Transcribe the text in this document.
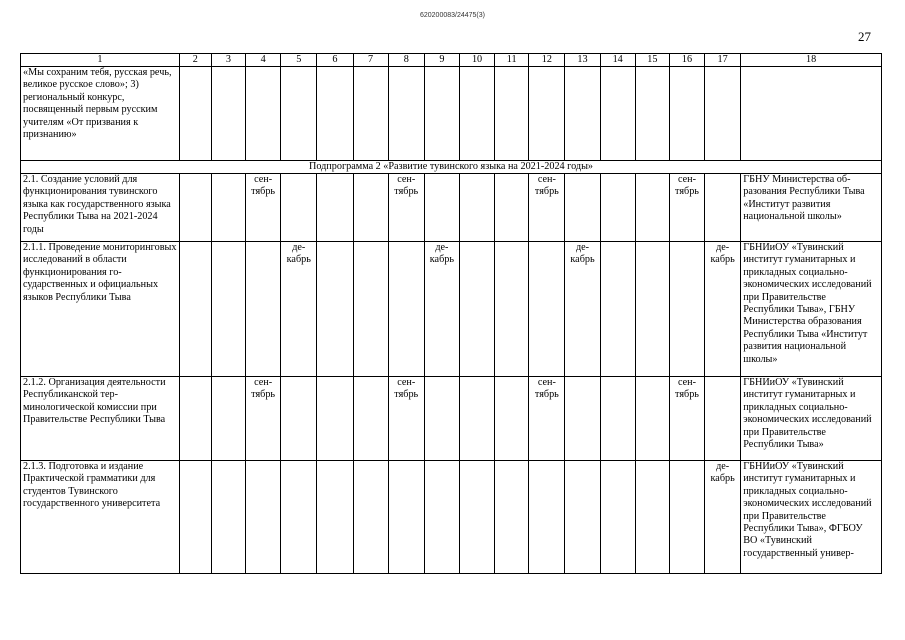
620200083/24475(3)
27
1	2	3	4	5	6	7	8	9	10	11	12	13	14	15	16	17	18
«Мы сохраним тебя, русская речь, великое русское слово»; 3) региональный конкурс, посвященный первым русским учителям «От призвания к признанию»																	
Подпрограмма 2 «Развитие тувинского языка на 2021-2024 годы»																	
2.1. Создание условий для функционирования тувинского языка как государственного языка Республики Тыва на 2021-2024 годы			сентябрь				сентябрь				сентябрь				сентябрь		ГБНУ Министерства образования Республики Тыва «Институт развития национальной школы»
2.1.1. Проведение мониторинговых исследований в области функционирования государственных и официальных языков Республики Тыва				декабрь				декабрь				декабрь				декабрь	ГБНИиОУ «Тувинский институт гуманитарных и прикладных социально-экономических исследований при Правительстве Республики Тыва», ГБНУ Министерства образования Республики Тыва «Институт развития национальной школы»
2.1.2. Организация деятельности Республиканской терминологической комиссии при Правительстве Республики Тыва			сентябрь				сентябрь				сентябрь				сентябрь		ГБНИиОУ «Тувинский институт гуманитарных и прикладных социально-экономических исследований при Правительстве Республики Тыва»
2.1.3. Подготовка и издание Практической грамматики для студентов Тувинского государственного университета																декабрь	ГБНИиОУ «Тувинский институт гуманитарных и прикладных социально-экономических исследований при Правительстве Республики Тыва», ФГБОУ ВО «Тувинский государственный универ-
